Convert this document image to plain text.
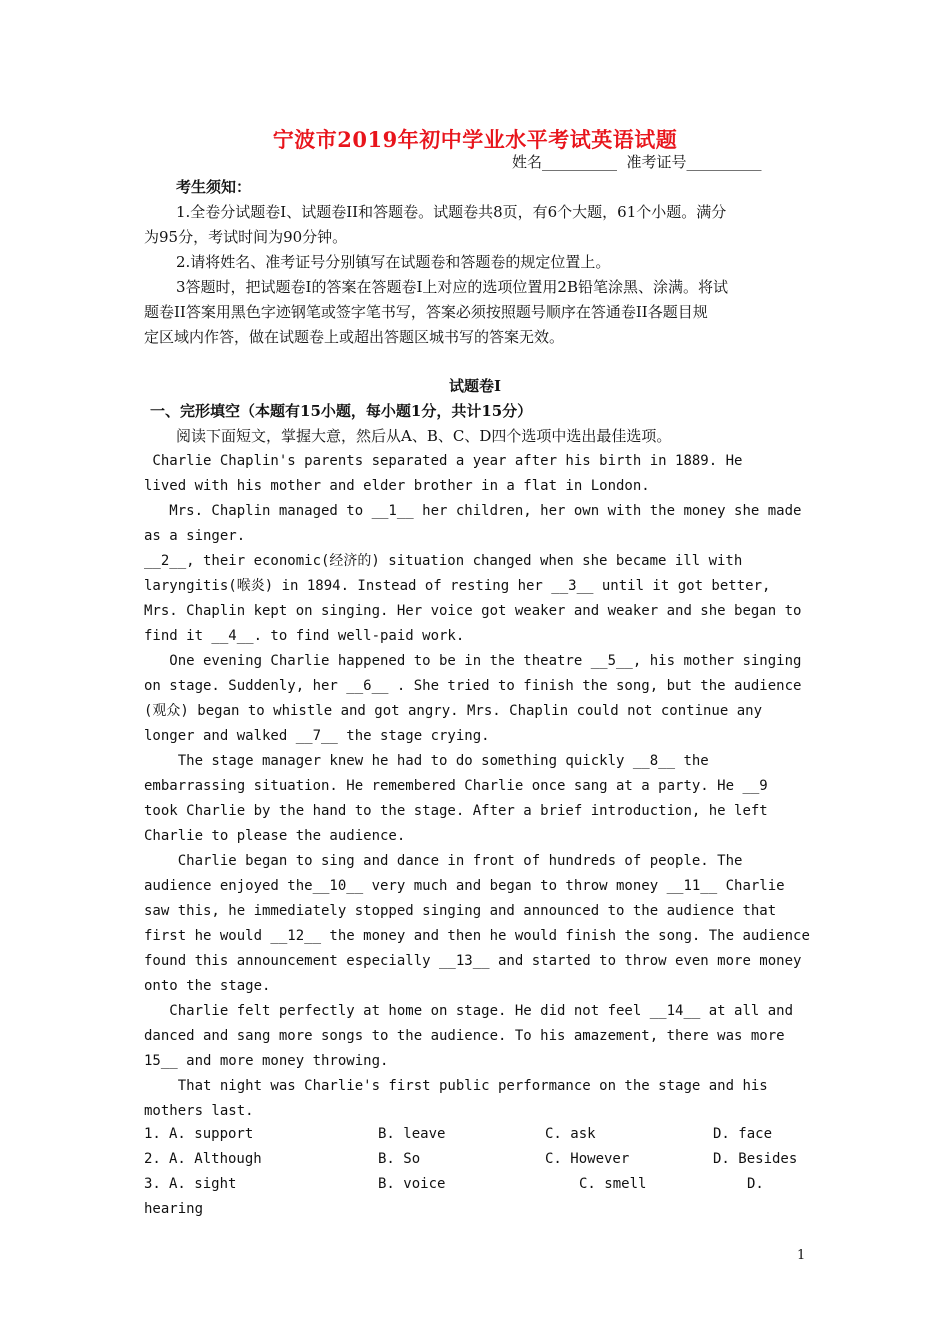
宁波市2019年初中学业水平考试英语试题
姓名__________  准考证号__________
考生须知：
1.全卷分试题卷I、试题卷II和答题卷。试题卷共8页，有6个大题，61个小题。满分
为95分，考试时间为90分钟。
2.请将姓名、准考证号分别镇写在试题卷和答题卷的规定位置上。
3答题时，把试题卷I的答案在答题卷I上对应的选项位置用2B铅笔涂黑、涂满。将试
题卷II答案用黑色字迹钢笔或签字笔书写，答案必须按照题号顺序在答通卷II各题目规
定区域内作答，做在试题卷上或超出答题区城书写的答案无效。
试题卷I
一、完形填空（本题有15小题，每小题1分，共计15分）
阅读下面短文，掌握大意，然后从A、B、C、D四个选项中选出最佳选项。
Charlie Chaplin's parents separated a year after his birth in 1889. He
lived with his mother and elder brother in a flat in London.
Mrs. Chaplin managed to __1__ her children, her own with the money she made
as a singer.
__2__, their economic(经济的) situation changed when she became ill with
laryngitis(喉炎) in 1894. Instead of resting her __3__ until it got better,
Mrs. Chaplin kept on singing. Her voice got weaker and weaker and she began to
find it __4__. to find well-paid work.
One evening Charlie happened to be in the theatre __5__, his mother singing
on stage. Suddenly, her __6__ . She tried to finish the song, but the audience
(观众) began to whistle and got angry. Mrs. Chaplin could not continue any
longer and walked __7__ the stage crying.
The stage manager knew he had to do something quickly __8__ the
embarrassing situation. He remembered Charlie once sang at a party. He __9
took Charlie by the hand to the stage. After a brief introduction, he left
Charlie to please the audience.
Charlie began to sing and dance in front of hundreds of people. The
audience enjoyed the__10__ very much and began to throw money __11__ Charlie
saw this, he immediately stopped singing and announced to the audience that
first he would __12__ the money and then he would finish the song. The audience
found this announcement especially __13__ and started to throw even more money
onto the stage.
Charlie felt perfectly at home on stage. He did not feel __14__ at all and
danced and sang more songs to the audience. To his amazement, there was more
15__ and more money throwing.
That night was Charlie's first public performance on the stage and his
mothers last.
1. A. support	B. leave	C. ask	D. face
2. A. Although	B. So	C. However	D. Besides
3. A. sight	B. voice	C. smell	D.
hearing
1
